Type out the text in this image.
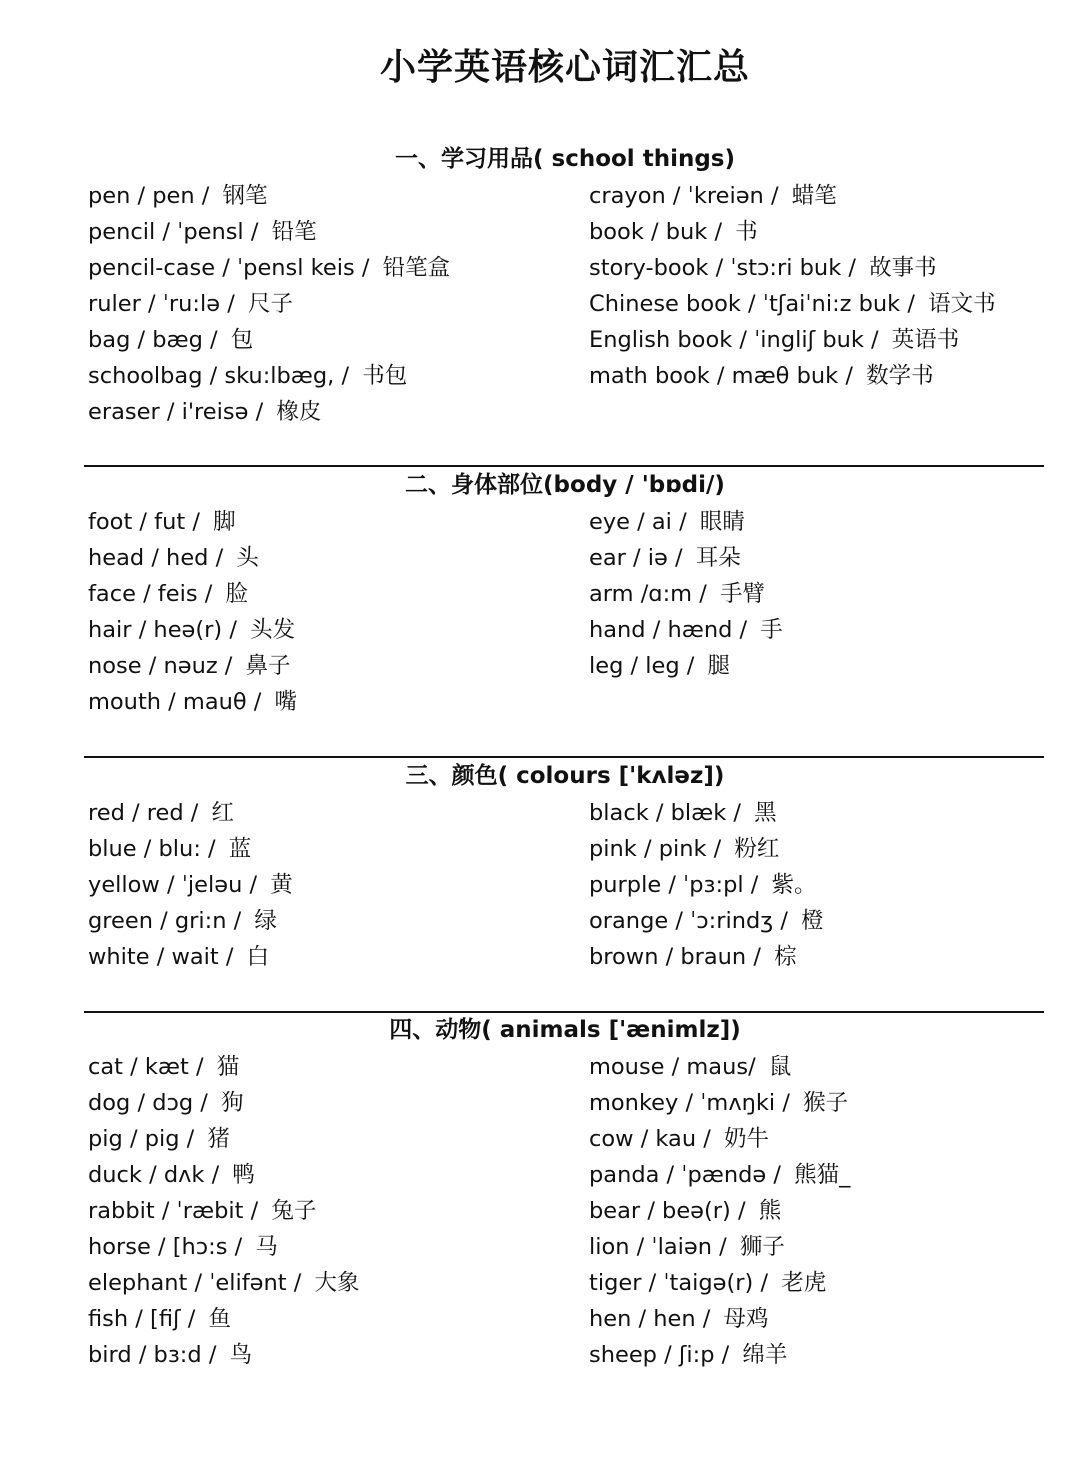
小学英语核心词汇汇总
一、学习用品( school things)
pen / pen / 钢笔
pencil / ˈpensl / 铅笔
pencil-case / ˈpensl keis / 铅笔盒
ruler / ˈru:lə / 尺子
bag / bæg / 包
schoolbag / sku:lbæg, / 书包
eraser / i'reisə / 橡皮
crayon / ˈkreiən / 蜡笔
book / buk / 书
story-book / ˈstɔ:ri buk / 故事书
Chinese book / ˈtʃaiˈni:z buk / 语文书
English book / ˈingliʃ buk / 英语书
math book / mæθ buk / 数学书
二、身体部位(body / 'bɒdi/)
foot / fut / 脚
head / hed / 头
face / feis / 脸
hair / heə(r) / 头发
nose / nəuz / 鼻子
mouth / mauθ / 嘴
eye / ai / 眼睛
ear / iə / 耳朵
arm /ɑ:m / 手臂
hand / hænd / 手
leg / leg / 腿
三、颜色( colours ['kʌləz])
red / red / 红
blue / blu: / 蓝
yellow / ˈjeləu / 黄
green / gri:n / 绿
white / wait / 白
black / blæk / 黑
pink / pink / 粉红
purple / ˈpɜ:pl / 紫。
orange / ˈɔ:rindʒ / 橙
brown / braun / 棕
四、动物( animals ['ænimlz])
cat / kæt / 猫
dog / dɔg / 狗
pig / pig / 猪
duck / dʌk / 鸭
rabbit / ˈræbit / 兔子
horse / [hɔ:s / 马
elephant / ˈelifənt / 大象
fish / [fiʃ / 鱼
bird / bɜ:d / 鸟
mouse / maus/ 鼠
monkey / ˈmʌŋki / 猴子
cow / kau / 奶牛
panda / ˈpændə / 熊猫_
bear / beə(r) / 熊
lion / ˈlaiən / 狮子
tiger / ˈtaigə(r) / 老虎
hen / hen / 母鸡
sheep / ʃi:p / 绵羊
